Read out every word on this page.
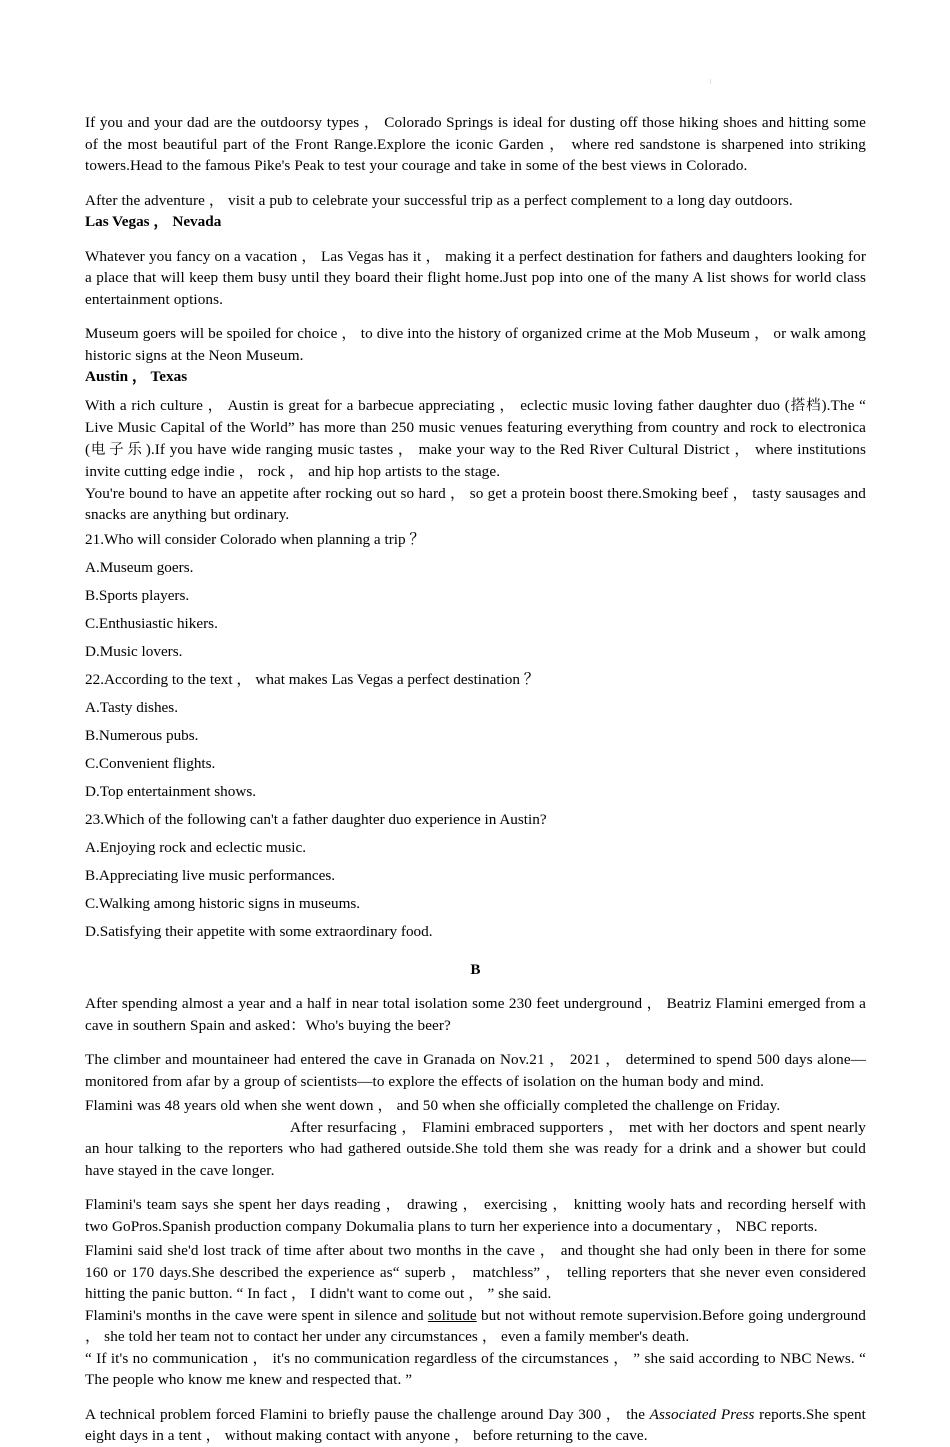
If you and your dad are the outdoorsy types ， Colorado Springs is ideal for dusting off those hiking shoes and hitting some of the most beautiful part of the Front Range.Explore the iconic Garden ， where red sandstone is sharpened into striking towers.Head to the famous Pike's Peak to test your courage and take in some of the best views in Colorado.

After the adventure ， visit a pub to celebrate your successful trip as a perfect complement to a long day outdoors.

Las Vegas ， Nevada

Whatever you fancy on a vacation ， Las Vegas has it ， making it a perfect destination for fathers and daughters looking for a place that will keep them busy until they board their flight home.Just pop into one of the many A list shows for world class entertainment options.

Museum goers will be spoiled for choice ， to dive into the history of organized crime at the Mob Museum ， or walk among historic signs at the Neon Museum.

Austin ， Texas

With a rich culture ， Austin is great for a barbecue appreciating ， eclectic music loving father daughter duo (搭档).The “ Live Music Capital of the World” has more than 250 music venues featuring everything from country and rock to electronica (电子乐).If you have wide ranging music tastes ， make your way to the Red River Cultural District ， where institutions invite cutting edge indie ， rock ， and hip hop artists to the stage.

You're bound to have an appetite after rocking out so hard ， so get a protein boost there.Smoking beef ， tasty sausages and snacks are anything but ordinary.

21.Who will consider Colorado when planning a trip ？

A.Museum goers.

B.Sports players.

C.Enthusiastic hikers.

D.Music lovers.

22.According to the text ， what makes Las Vegas a perfect destination ？

A.Tasty dishes.

B.Numerous pubs.

C.Convenient flights.

D.Top entertainment shows.

23.Which of the following can't a father daughter duo experience in Austin?

A.Enjoying rock and eclectic music.

B.Appreciating live music performances.

C.Walking among historic signs in museums.

D.Satisfying their appetite with some extraordinary food.

B

After spending almost a year and a half in near total isolation some 230 feet underground ， Beatriz Flamini emerged from a cave in southern Spain and asked：Who's buying the beer?

The climber and mountaineer had entered the cave in Granada on Nov.21 ， 2021 ， determined to spend 500 days alone—monitored from afar by a group of scientists—to explore the effects of isolation on the human body and mind.

Flamini was 48 years old when she went down ， and 50 when she officially completed the challenge on Friday.

After resurfacing ， Flamini embraced supporters ， met with her doctors and spent nearly an hour talking to the reporters who had gathered outside.She told them she was ready for a drink and a shower but could have stayed in the cave longer.

Flamini's team says she spent her days reading ， drawing ， exercising ， knitting wooly hats and recording herself with two GoPros.Spanish production company Dokumalia plans to turn her experience into a documentary ， NBC reports.

Flamini said she'd lost track of time after about two months in the cave ， and thought she had only been in there for some 160 or 170 days.She described the experience as“ superb ， matchless” ， telling reporters that she never even considered hitting the panic button. “ In fact ， I didn't want to come out ， ” she said.

Flamini's months in the cave were spent in silence and solitude but not without remote supervision.Before going underground ， she told her team not to contact her under any circumstances ， even a family member's death.

“ If it's no communication ， it's no communication regardless of the circumstances ， ” she said according to NBC News. “ The people who know me knew and respected that. ”

A technical problem forced Flamini to briefly pause the challenge around Day 300 ， the Associated Press reports.She spent eight days in a tent ， without making contact with anyone ， before returning to the cave.
